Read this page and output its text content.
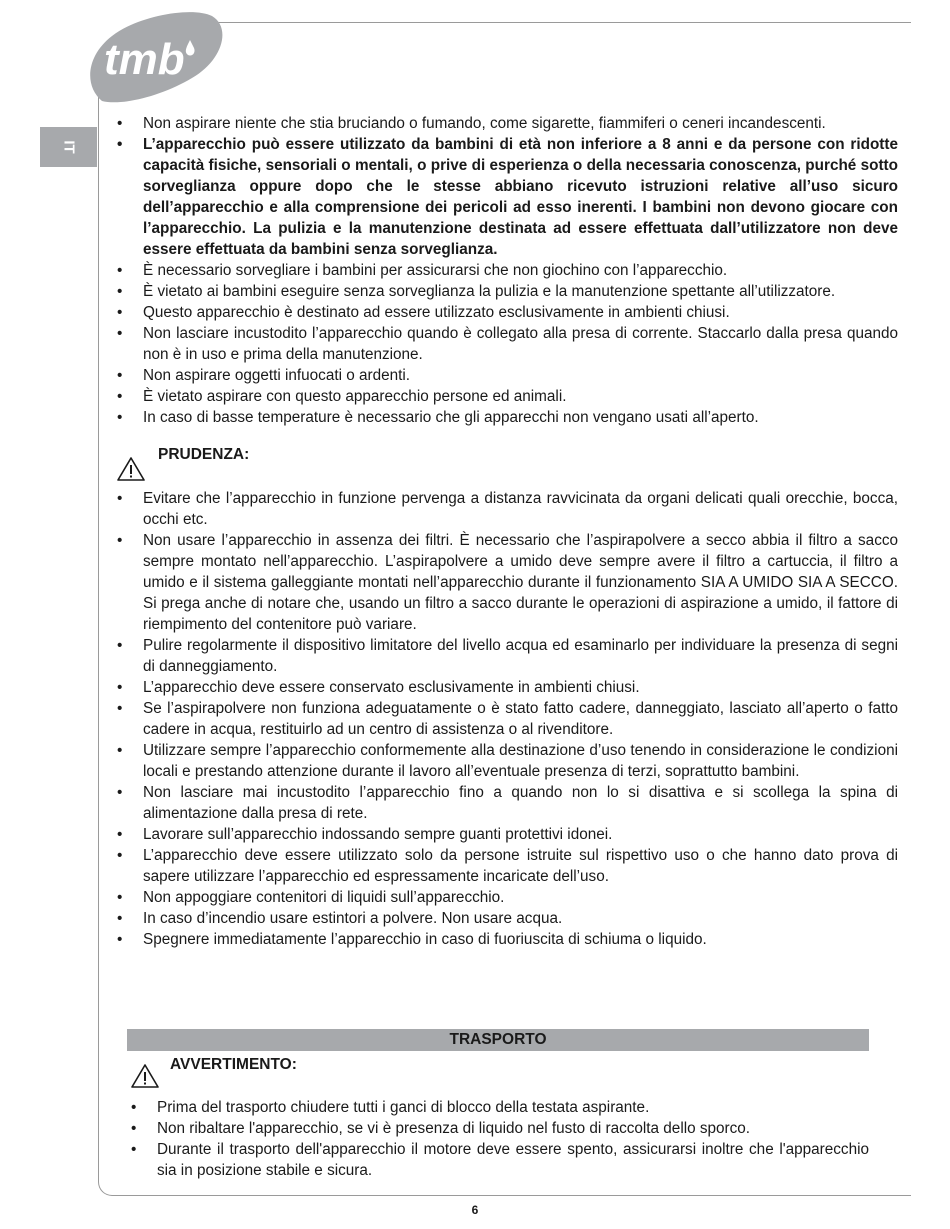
tmb
IT
• Non aspirare niente che stia bruciando o fumando, come sigarette, fiammiferi o ceneri incandescenti.
• L’apparecchio può essere utilizzato da bambini di età non inferiore a 8 anni e da persone con ridotte capacità fisiche, sensoriali o mentali, o prive di esperienza o della necessaria conoscenza, purché sotto sorveglianza oppure dopo che le stesse abbiano ricevuto istruzioni relative all’uso sicuro dell’apparecchio e alla comprensione dei pericoli ad esso inerenti. I bambini non devono giocare con l’apparecchio. La pulizia e la manutenzione destinata ad essere effettuata dall’utilizzatore non deve essere effettuata da bambini senza sorveglianza.
• È necessario sorvegliare i bambini per assicurarsi che non giochino con l’apparecchio.
• È vietato ai bambini eseguire senza sorveglianza la pulizia e la manutenzione spettante all’utilizzatore.
• Questo apparecchio è destinato ad essere utilizzato esclusivamente in ambienti chiusi.
• Non lasciare incustodito l’apparecchio quando è collegato alla presa di corrente. Staccarlo dalla presa quando non è in uso e prima della manutenzione.
• Non aspirare oggetti infuocati o ardenti.
• È vietato aspirare con questo apparecchio persone ed animali.
• In caso di basse temperature è necessario che gli apparecchi non vengano usati all’aperto.
PRUDENZA:
• Evitare che l’apparecchio in funzione pervenga a distanza ravvicinata da organi delicati quali orecchie, bocca, occhi etc.
• Non usare l’apparecchio in assenza dei filtri. È necessario che l’aspirapolvere a secco abbia il filtro a sacco sempre montato nell’apparecchio. L’aspirapolvere a umido deve sempre avere il filtro a cartuccia, il filtro a umido e il sistema galleggiante montati nell’apparecchio durante il funzionamento SIA A UMIDO SIA A SECCO. Si prega anche di notare che, usando un filtro a sacco durante le operazioni di aspirazione a umido, il fattore di riempimento del contenitore può variare.
• Pulire regolarmente il dispositivo limitatore del livello acqua ed esaminarlo per individuare la presenza di segni di danneggiamento.
• L’apparecchio deve essere conservato esclusivamente in ambienti chiusi.
• Se l’aspirapolvere non funziona adeguatamente o è stato fatto cadere, danneggiato, lasciato all’aperto o fatto cadere in acqua, restituirlo ad un centro di assistenza o al rivenditore.
• Utilizzare sempre l’apparecchio conformemente alla destinazione d’uso tenendo in considerazione le condizioni locali e prestando attenzione durante il lavoro all’eventuale presenza di terzi, soprattutto bambini.
• Non lasciare mai incustodito l’apparecchio fino a quando non lo si disattiva e si scollega la spina di alimentazione dalla presa di rete.
• Lavorare sull’apparecchio indossando sempre guanti protettivi idonei.
• L’apparecchio deve essere utilizzato solo da persone istruite sul rispettivo uso o che hanno dato prova di sapere utilizzare l’apparecchio ed espressamente incaricate dell’uso.
• Non appoggiare contenitori di liquidi sull’apparecchio.
• In caso d’incendio usare estintori a polvere. Non usare acqua.
• Spegnere immediatamente l’apparecchio in caso di fuoriuscita di schiuma o liquido.
TRASPORTO
AVVERTIMENTO:
• Prima del trasporto chiudere tutti i ganci di blocco della testata aspirante.
• Non ribaltare l'apparecchio, se vi è presenza di liquido nel fusto di raccolta dello sporco.
• Durante il trasporto dell'apparecchio il motore deve essere spento, assicurarsi inoltre che l'apparecchio sia in posizione stabile e sicura.
6
